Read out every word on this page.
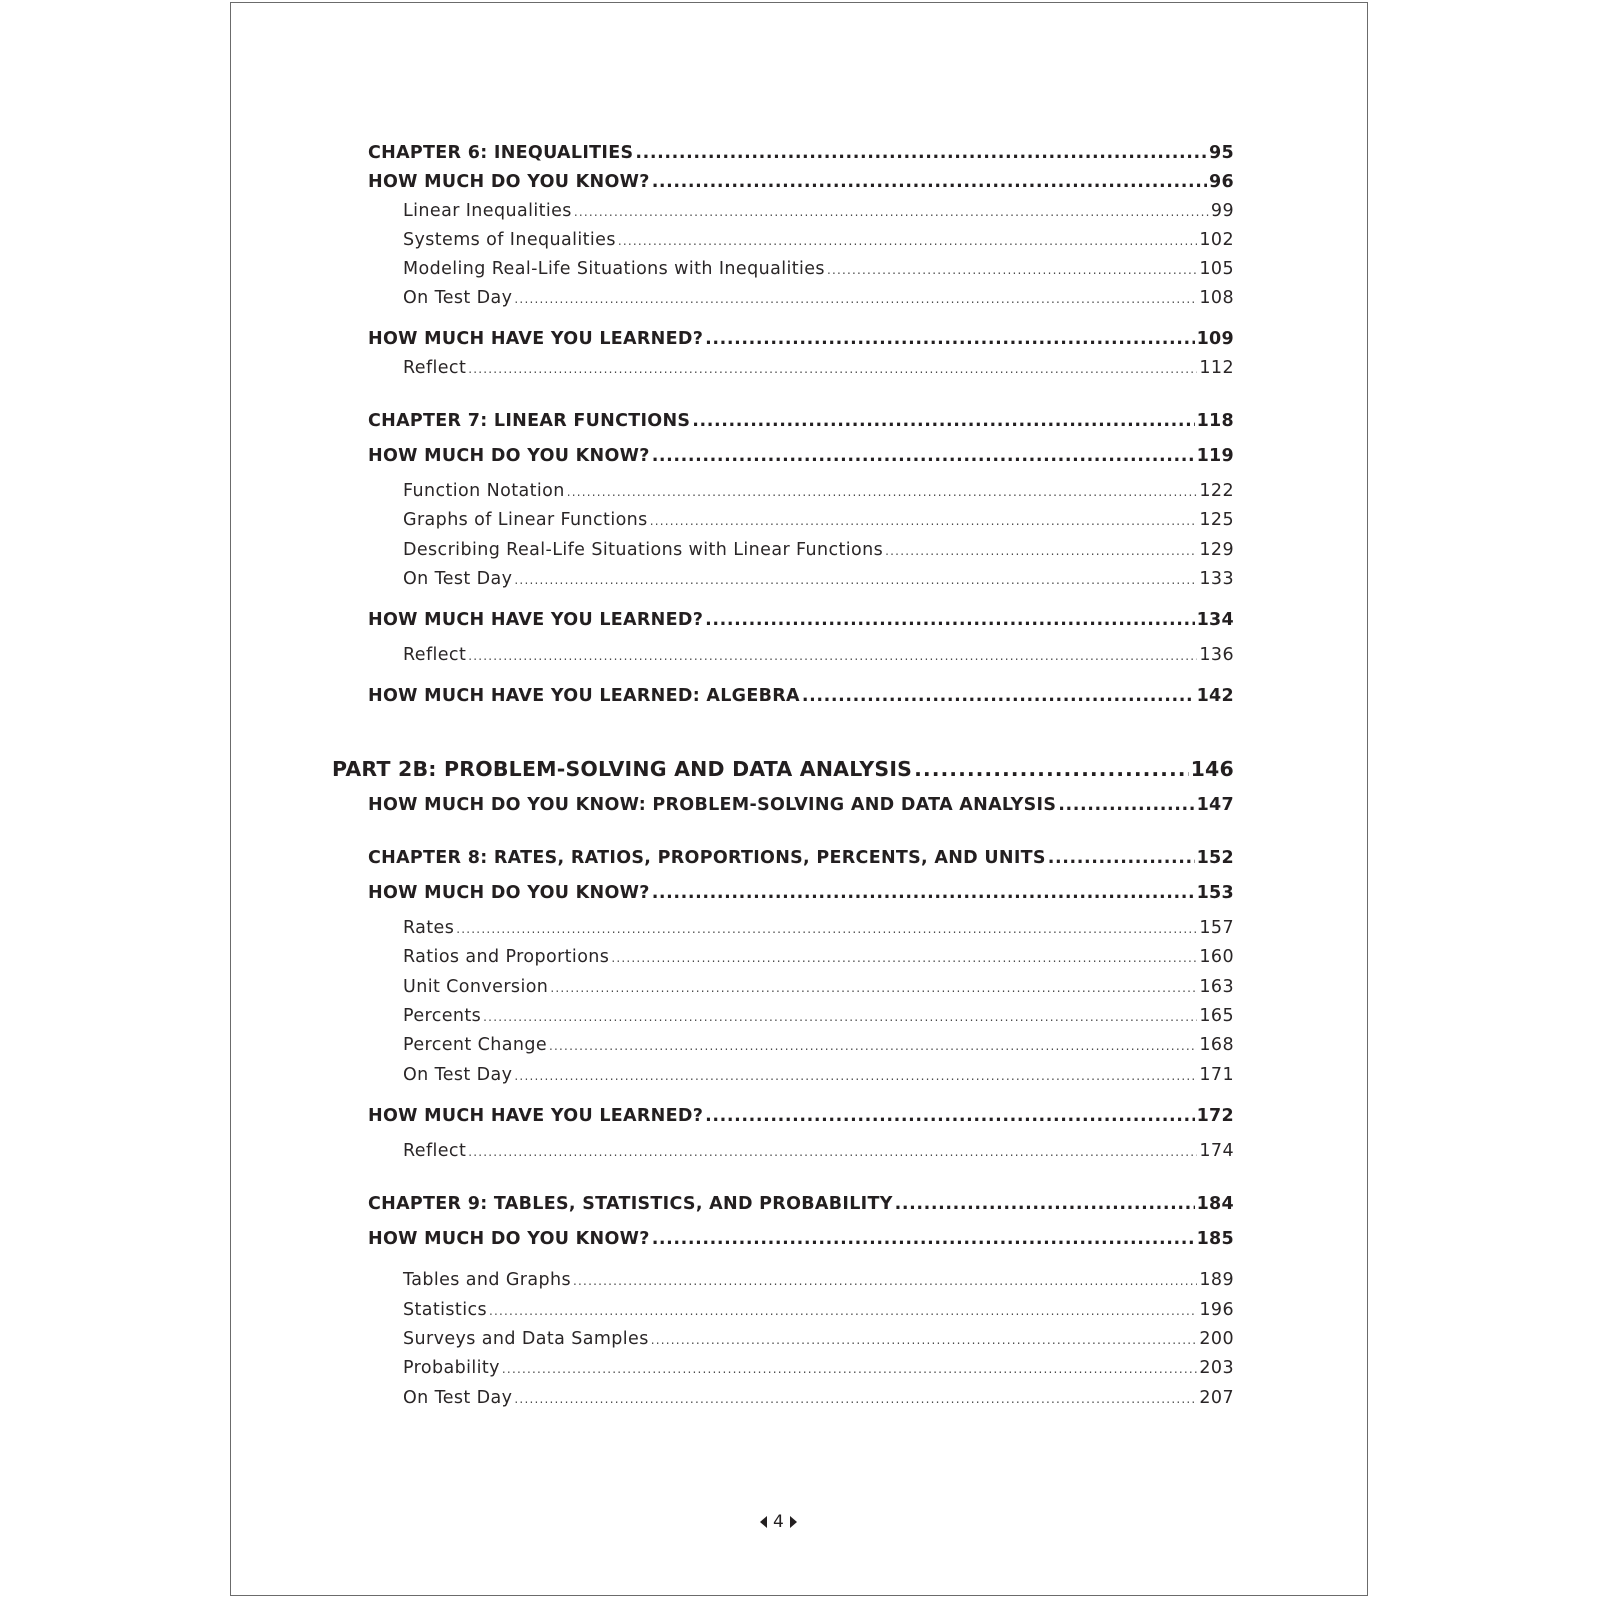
CHAPTER 6: INEQUALITIES .....	95
HOW MUCH DO YOU KNOW? .....	96
Linear Inequalities .....	99
Systems of Inequalities .....	102
Modeling Real-Life Situations with Inequalities .....	105
On Test Day .....	108
HOW MUCH HAVE YOU LEARNED? .....	109
Reflect .....	112
CHAPTER 7: LINEAR FUNCTIONS .....	118
HOW MUCH DO YOU KNOW? .....	119
Function Notation .....	122
Graphs of Linear Functions .....	125
Describing Real-Life Situations with Linear Functions .....	129
On Test Day .....	133
HOW MUCH HAVE YOU LEARNED? .....	134
Reflect .....	136
HOW MUCH HAVE YOU LEARNED: ALGEBRA .....	142
PART 2B: PROBLEM-SOLVING AND DATA ANALYSIS .....	146
HOW MUCH DO YOU KNOW: PROBLEM-SOLVING AND DATA ANALYSIS .....	147
CHAPTER 8: RATES, RATIOS, PROPORTIONS, PERCENTS, AND UNITS .....	152
HOW MUCH DO YOU KNOW? .....	153
Rates .....	157
Ratios and Proportions .....	160
Unit Conversion .....	163
Percents .....	165
Percent Change .....	168
On Test Day .....	171
HOW MUCH HAVE YOU LEARNED? .....	172
Reflect .....	174
CHAPTER 9: TABLES, STATISTICS, AND PROBABILITY .....	184
HOW MUCH DO YOU KNOW? .....	185
Tables and Graphs .....	189
Statistics .....	196
Surveys and Data Samples .....	200
Probability .....	203
On Test Day .....	207
4
